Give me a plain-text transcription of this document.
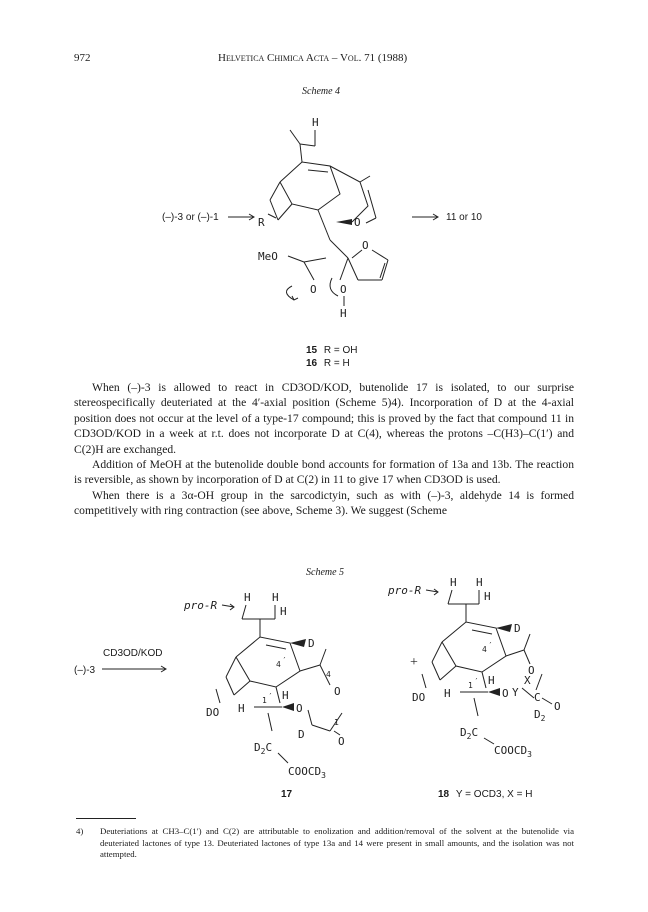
972	Helvetica Chimica Acta – Vol. 71 (1988)
Scheme 4
(–)-3 or (–)-1
H
R	O
O
MeO
O O
H
11 or 10
15 R = OH
16 R = H

When (–)-3 is allowed to react in CD3OD/KOD, butenolide 17 is isolated, to our surprise stereospecifically deuteriated at the 4′-axial position (Scheme 5)4). Incorporation of D at the 4-axial position does not occur at the level of a type-17 compound; this is proved by the fact that compound 11 in CD3OD/KOD in a week at r.t. does not incorporate D at C(4), whereas the protons –C(H3)–C(1′) and C(2)H are exchanged.

Addition of MeOH at the butenolide double bond accounts for formation of 13a and 13b. The reaction is reversible, as shown by incorporation of D at C(2) in 11 to give 17 when CD3OD is used.

When there is a 3α-OH group in the sarcodictyin, such as with (–)-3, aldehyde 14 is formed competitively with ring contraction (see above, Scheme 3). We suggest (Scheme

Scheme 5
CD3OD/KOD
(–)-3
pro-R
H H
H
DO
D
4 ′
4
O
H
H
1 ′
O
D
1
O
$D_2C$
$COOCD_3$
17
+
pro-R
H H
H
DO
D
4 ′
O
H
H
1 ′
O Y
X
C
O
$D_2$
$D_2C$
$COOCD_3$
18 Y = OCD3, X = H
4)	Deuteriations at CH3–C(1′) and C(2) are attributable to enolization and addition/removal of the solvent at the butenolide via deuteriated lactones of type 13. Deuteriated lactones of type 13a and 14 were present in small amounts, and the isolation was not attempted.
